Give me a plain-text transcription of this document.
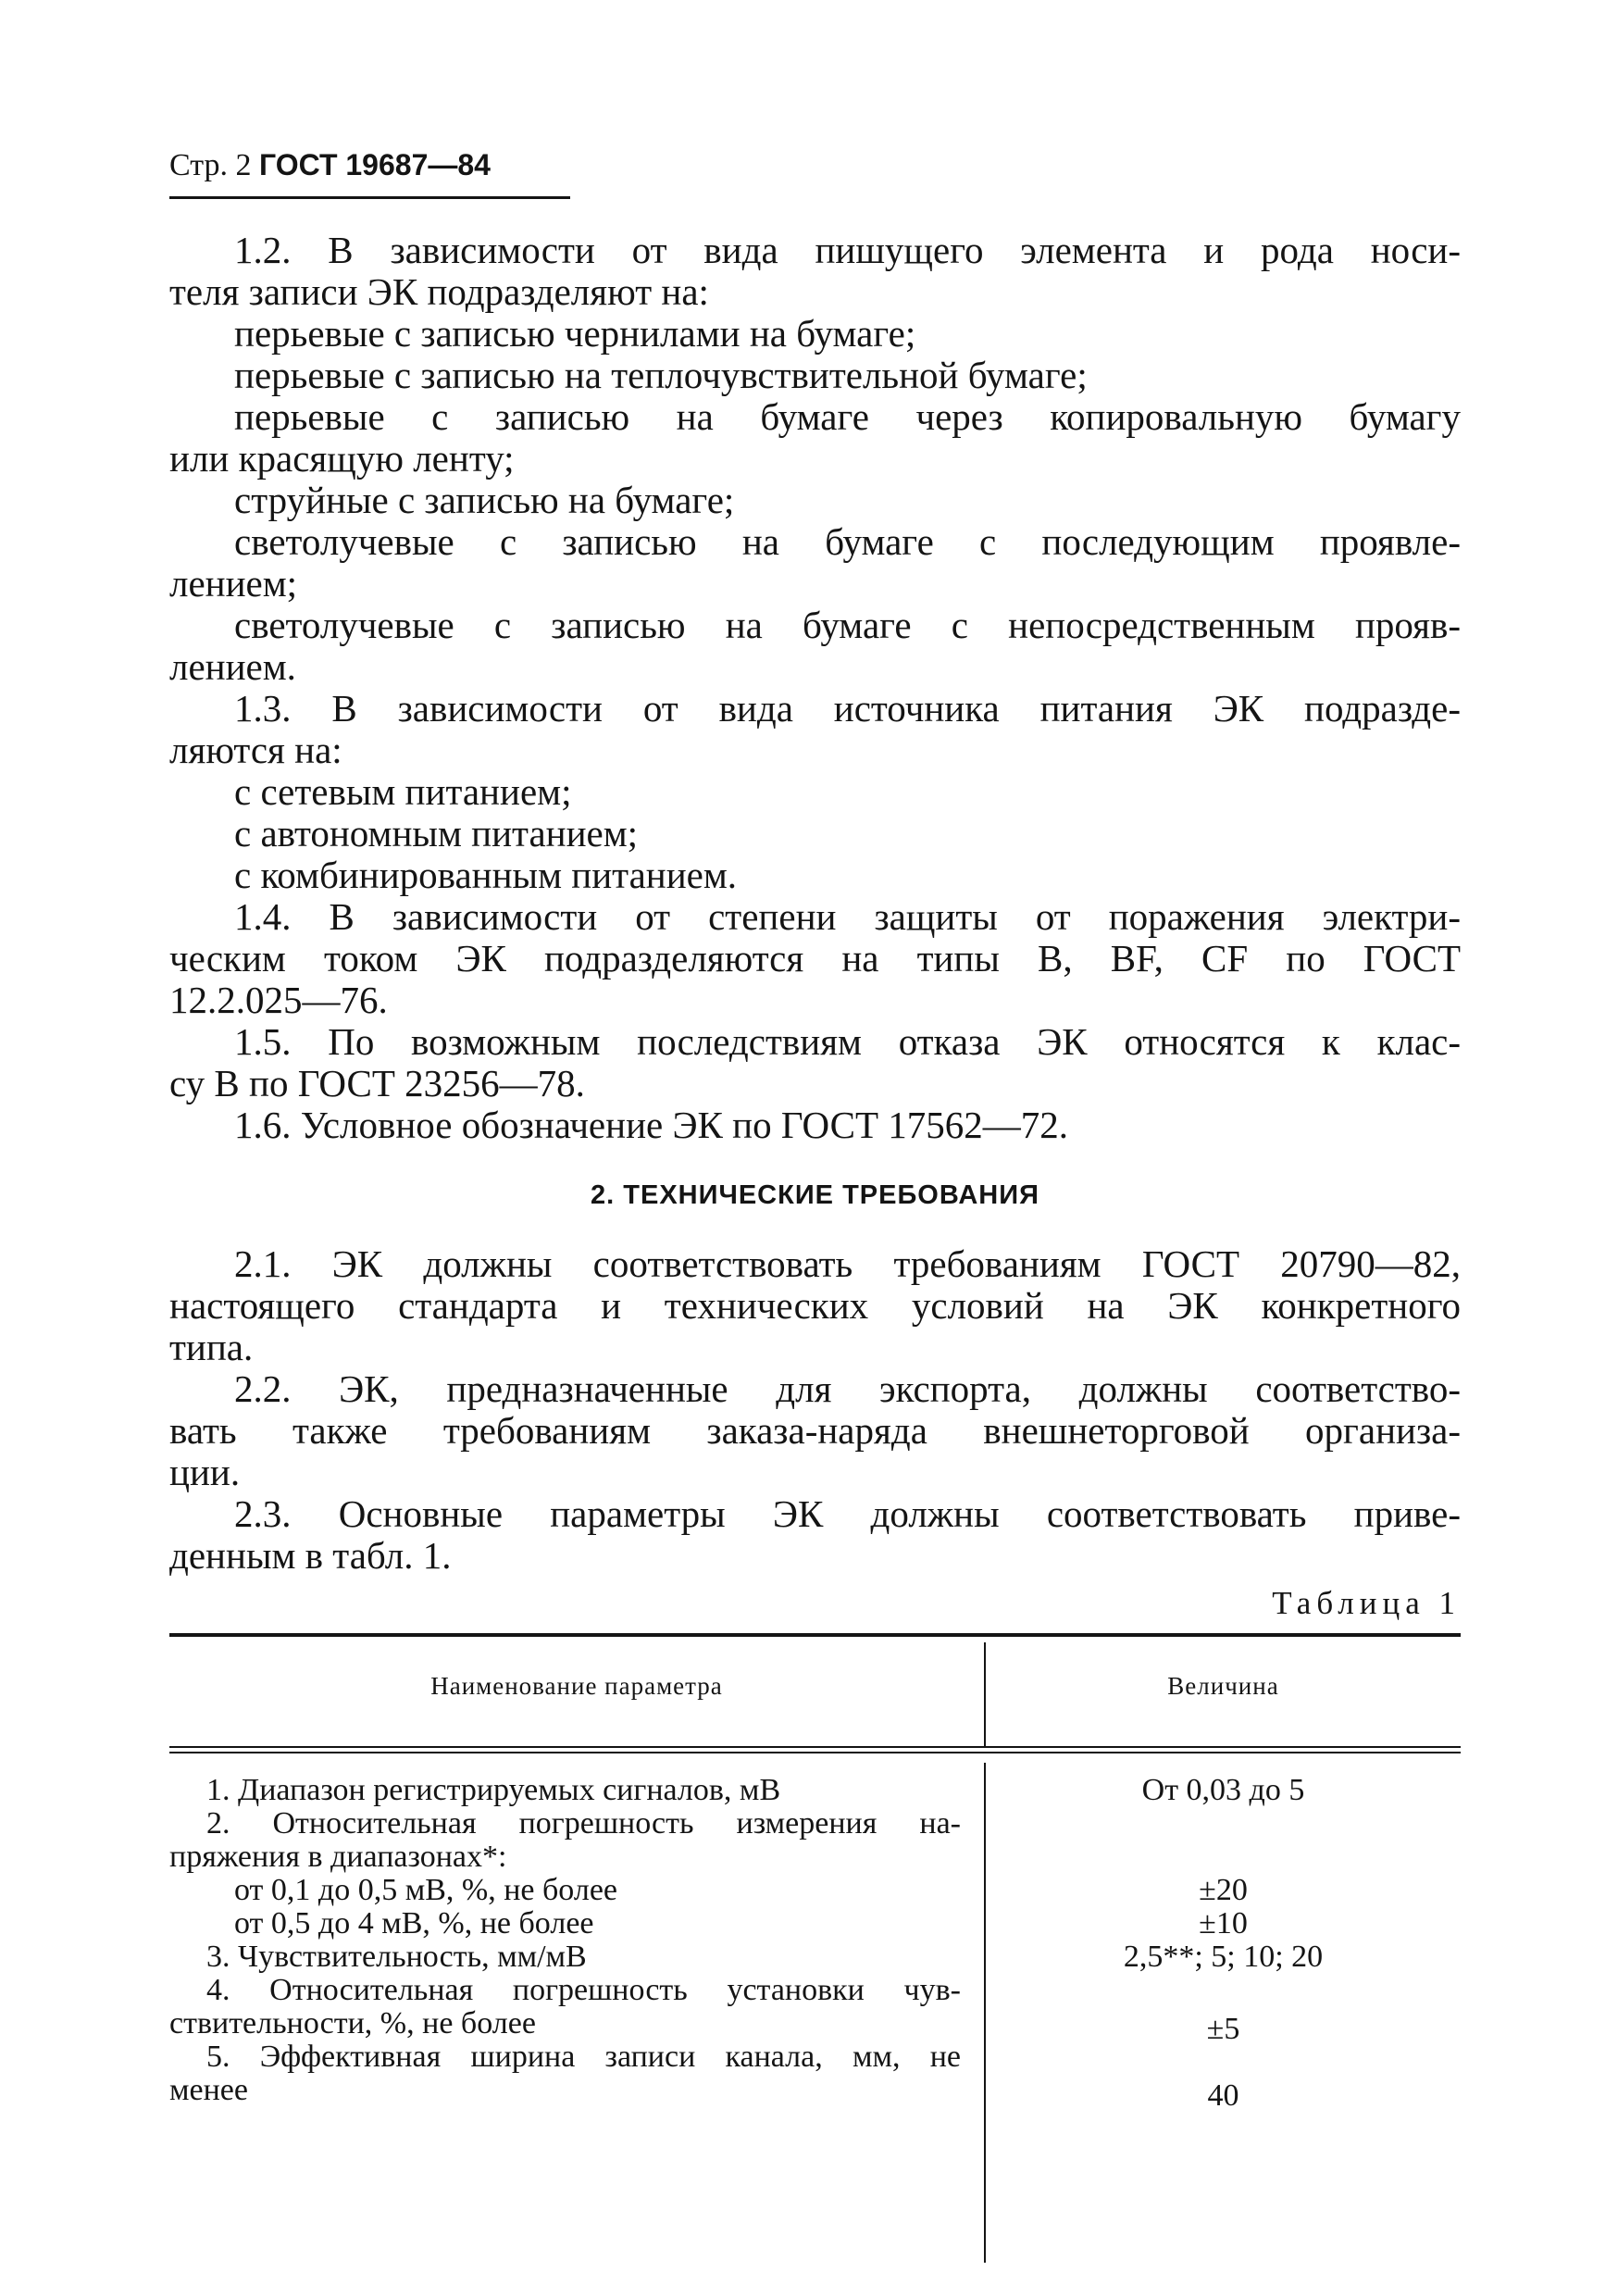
Стр. 2 ГОСТ 19687—84
1.2. В зависимости от вида пишущего элемента и рода носи-
теля записи ЭК подразделяют на:
перьевые с записью чернилами на бумаге;
перьевые с записью на теплочувствительной бумаге;
перьевые с записью на бумаге через копировальную бумагу
или красящую ленту;
струйные с записью на бумаге;
светолучевые с записью на бумаге с последующим проявле-
лением;
светолучевые с записью на бумаге с непосредственным прояв-
лением.
1.3. В зависимости от вида источника питания ЭК подразде-
ляются на:
с сетевым питанием;
с автономным питанием;
с комбинированным питанием.
1.4. В зависимости от степени защиты от поражения электри-
ческим током ЭК подразделяются на типы В, BF, CF по ГОСТ
12.2.025—76.
1.5. По возможным последствиям отказа ЭК относятся к клас-
су В по ГОСТ 23256—78.
1.6. Условное обозначение ЭК по ГОСТ 17562—72.
2. ТЕХНИЧЕСКИЕ ТРЕБОВАНИЯ
2.1. ЭК должны соответствовать требованиям ГОСТ 20790—82,
настоящего стандарта и технических условий на ЭК конкретного
типа.
2.2. ЭК, предназначенные для экспорта, должны соответство-
вать также требованиям заказа-наряда внешнеторговой организа-
ции.
2.3. Основные параметры ЭК должны соответствовать приве-
денным в табл. 1.
Таблица 1
Наименование параметра	Величина
1. Диапазон регистрируемых сигналов, мВ	От 0,03 до 5
2. Относительная погрешность измерения на-
пряжения в диапазонах*:
от 0,1 до 0,5 мВ, %, не более	±20
от 0,5 до 4 мВ, %, не более	±10
3. Чувствительность, мм/мВ	2,5**; 5; 10; 20
4. Относительная погрешность установки чув-
ствительности, %, не более	±5
5. Эффективная ширина записи канала, мм, не
менее	40
